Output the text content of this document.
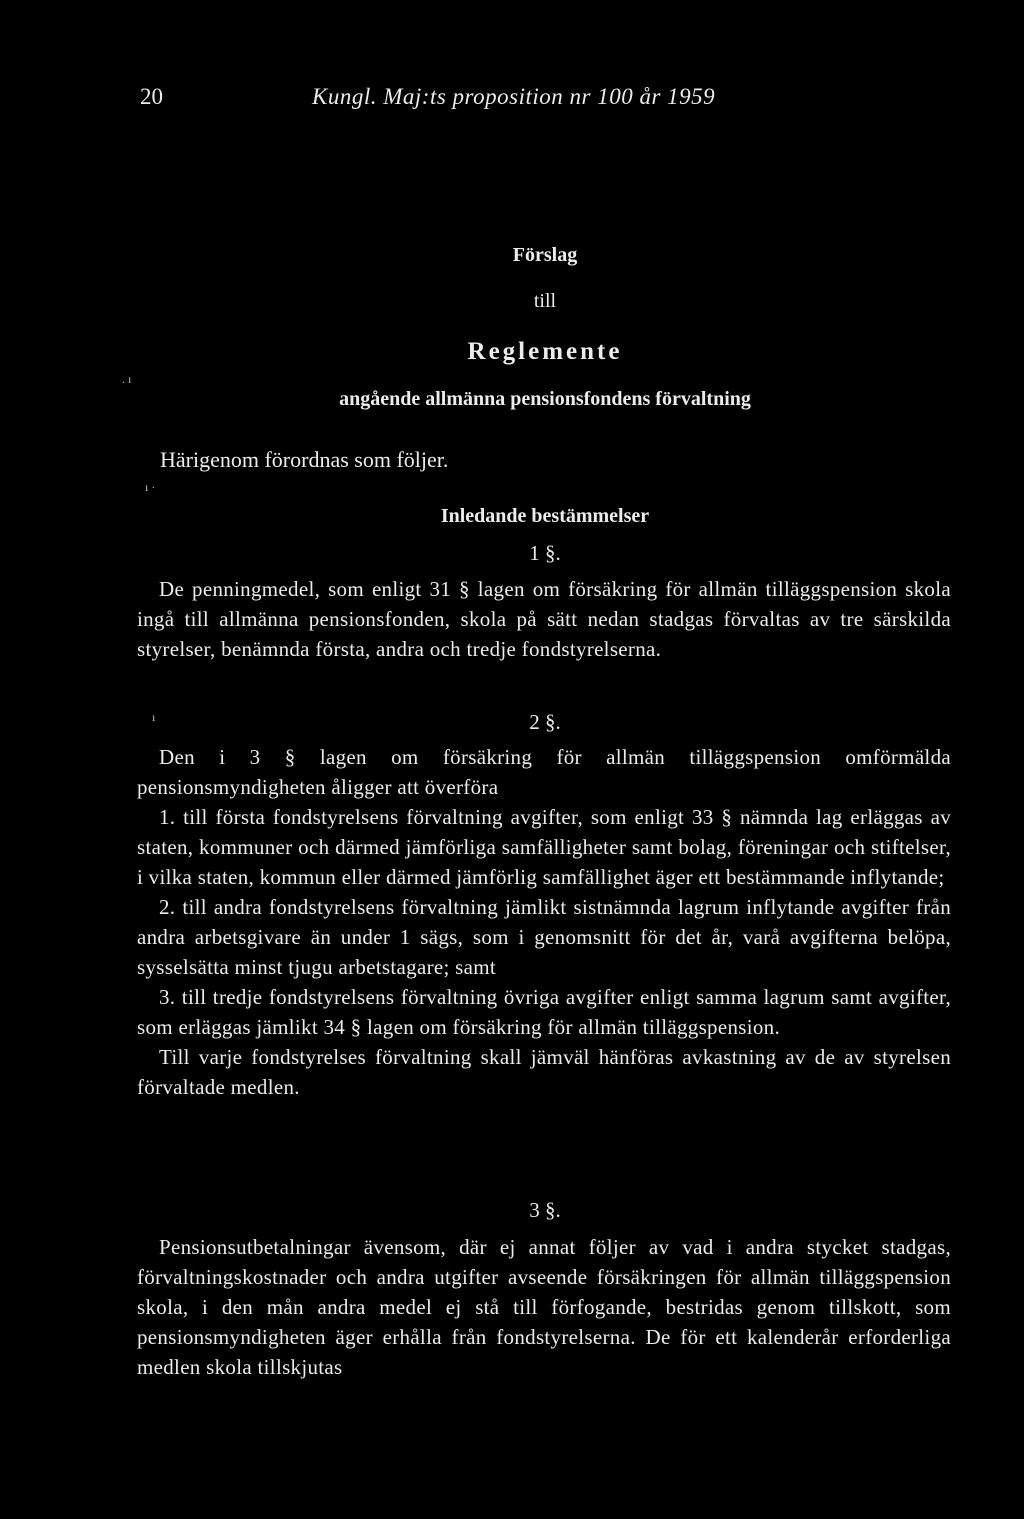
20	Kungl. Maj:ts proposition nr 100 år 1959
Förslag
till
Reglemente
angående allmänna pensionsfondens förvaltning
Härigenom förordnas som följer.
Inledande bestämmelser
1 §.

De penningmedel, som enligt 31 § lagen om försäkring för allmän tilläggspension skola ingå till allmänna pensionsfonden, skola på sätt nedan stadgas förvaltas av tre särskilda styrelser, benämnda första, andra och tredje fondstyrelserna.

2 §.

Den i 3 § lagen om försäkring för allmän tilläggspension omförmälda pensionsmyndigheten åligger att överföra

1. till första fondstyrelsens förvaltning avgifter, som enligt 33 § nämnda lag erläggas av staten, kommuner och därmed jämförliga samfälligheter samt bolag, föreningar och stiftelser, i vilka staten, kommun eller därmed jämförlig samfällighet äger ett bestämmande inflytande;

2. till andra fondstyrelsens förvaltning jämlikt sistnämnda lagrum inflytande avgifter från andra arbetsgivare än under 1 sägs, som i genomsnitt för det år, varå avgifterna belöpa, sysselsätta minst tjugu arbetstagare; samt

3. till tredje fondstyrelsens förvaltning övriga avgifter enligt samma lagrum samt avgifter, som erläggas jämlikt 34 § lagen om försäkring för allmän tilläggspension.

Till varje fondstyrelses förvaltning skall jämväl hänföras avkastning av de av styrelsen förvaltade medlen.

3 §.

Pensionsutbetalningar ävensom, där ej annat följer av vad i andra stycket stadgas, förvaltningskostnader och andra utgifter avseende försäkringen för allmän tilläggspension skola, i den mån andra medel ej stå till förfogande, bestridas genom tillskott, som pensionsmyndigheten äger erhålla från fondstyrelserna. De för ett kalenderår erforderliga medlen skola tillskjutas

. ı
ı ·
ı
